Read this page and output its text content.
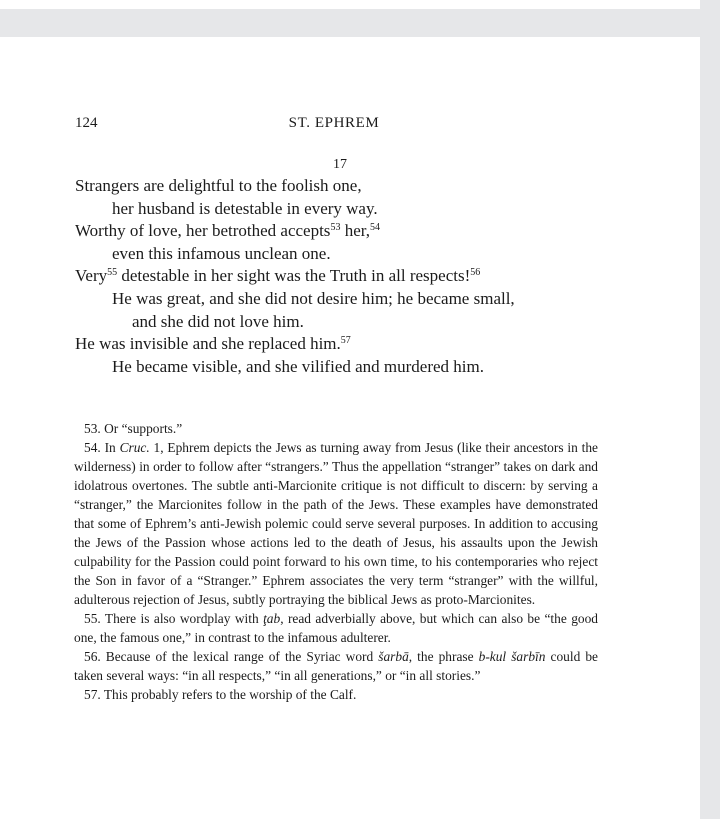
124	ST. EPHREM
17
Strangers are delightful to the foolish one,
her husband is detestable in every way.
Worthy of love, her betrothed accepts$^{53}$ her,$^{54}$
even this infamous unclean one.
Very$^{55}$ detestable in her sight was the Truth in all respects!$^{56}$
He was great, and she did not desire him; he became small,
and she did not love him.
He was invisible and she replaced him.$^{57}$
He became visible, and she vilified and murdered him.

53. Or “supports.”

54. In Cruc. 1, Ephrem depicts the Jews as turning away from Jesus (like their ancestors in the wilderness) in order to follow after “strangers.” Thus the appellation “stranger” takes on dark and idolatrous overtones. The subtle anti-Marcionite critique is not difficult to discern: by serving a “stranger,” the Marcionites follow in the path of the Jews. These examples have demonstrated that some of Ephrem’s anti-Jewish polemic could serve several purposes. In addition to accusing the Jews of the Passion whose actions led to the death of Jesus, his assaults upon the Jewish culpability for the Passion could point forward to his own time, to his contemporaries who reject the Son in favor of a “Stranger.” Ephrem associates the very term “stranger” with the willful, adulterous rejection of Jesus, subtly portraying the biblical Jews as proto-Marcionites.

55. There is also wordplay with ţab, read adverbially above, but which can also be “the good one, the famous one,” in contrast to the infamous adulterer.

56. Because of the lexical range of the Syriac word šarbā, the phrase b-kul šarbīn could be taken several ways: “in all respects,” “in all generations,” or “in all stories.”

57. This probably refers to the worship of the Calf.
